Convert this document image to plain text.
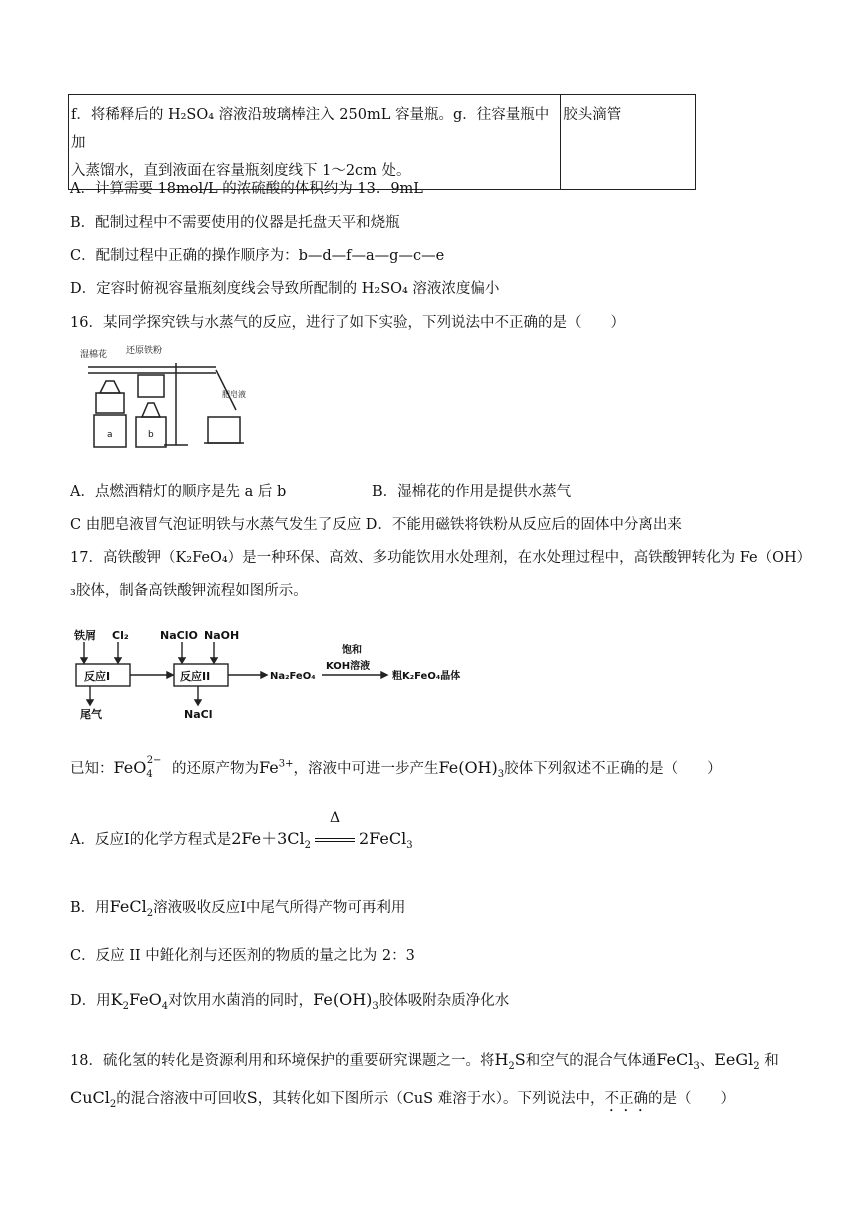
f．将稀释后的 H₂SO₄ 溶液沿玻璃棒注入 250mL 容量瓶。g．往容量瓶中加
入蒸馏水，直到液面在容量瓶刻度线下 1～2cm 处。
	胶头滴管
A．计算需要 18mol/L 的浓硫酸的体积约为 13．9mL
B．配制过程中不需要使用的仪器是托盘天平和烧瓶
C．配制过程中正确的操作顺序为：b—d—f—a—g—c—e
D．定容时俯视容量瓶刻度线会导致所配制的 H₂SO₄ 溶液浓度偏小
16．某同学探究铁与水蒸气的反应，进行了如下实验，下列说法中不正确的是（　　）
湿棉花 还原铁粉
肥皂液
a	b
A．点燃酒精灯的顺序是先 a 后 b	B．湿棉花的作用是提供水蒸气
C 由肥皂液冒气泡证明铁与水蒸气发生了反应 D．不能用磁铁将铁粉从反应后的固体中分离出来
17．高铁酸钾（K₂FeO₄）是一种环保、高效、多功能饮用水处理剂，在水处理过程中，高铁酸钾转化为 Fe（OH）
₃胶体，制备高铁酸钾流程如图所示。
铁屑 Cl₂
反应I
尾气
NaClO NaOH
反应II
NaCl
Na₂FeO₄
饱和
KOH溶液
粗K₂FeO₄晶体
已知：FeO$_4^{2-}$ 的还原产物为$Fe^{3+}$，溶液中可进一步产生$Fe(OH)_3$胶体下列叙述不正确的是（　　）
A．反应I的化学方程式是$2Fe+3Cl_2$
Δ
2FeCl$_3$
B．用FeCl$_2$溶液吸收反应I中尾气所得产物可再利用
C．反应 II 中銋化剂与还医剂的物质的量之比为 2：3
D．用$K_2FeO_4$对饮用水菌消的同时，$Fe(OH)_3$胶体吸附杂质净化水
18．硫化氢的转化是资源利用和环境保护的重要研究课题之一。将$H_2S$和空气的混合气体通FeCl$_3$、EeGl$_2$ 和
CuCl$_2$的混合溶液中可回收S，其转化如下图所示（CuS 难溶于水）。下列说法中，不正确的是（　　）
